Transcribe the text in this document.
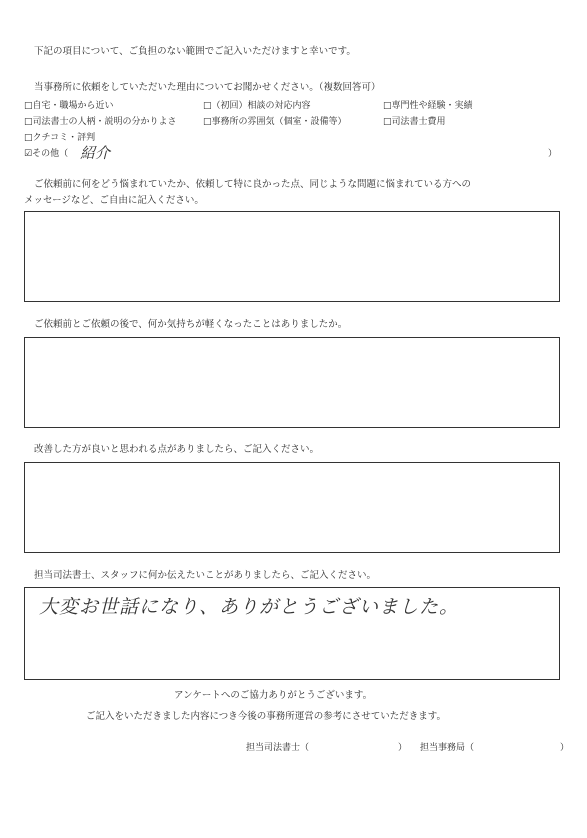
下記の項目について、ご負担のない範囲でご記入いただけますと幸いです。
当事務所に依頼をしていただいた理由についてお聞かせください。（複数回答可）
□自宅・職場から近い	□（初回）相談の対応内容	□専門性や経験・実績
□司法書士の人柄・説明の分かりよさ	□事務所の雰囲気（個室・設備等）	□司法書士費用
□クチコミ・評判
☑その他（ 紹介	）
ご依頼前に何をどう悩まれていたか、依頼して特に良かった点、同じような問題に悩まれている方への
メッセージなど、ご自由に記入ください。
ご依頼前とご依頼の後で、何か気持ちが軽くなったことはありましたか。
改善した方が良いと思われる点がありましたら、ご記入ください。
担当司法書士、スタッフに何か伝えたいことがありましたら、ご記入ください。
大変お世話になり、ありがとうございました。
アンケートへのご協力ありがとうございます。
ご記入をいただきました内容につき今後の事務所運営の参考にさせていただきます。
担当司法書士（	） 担当事務局（	）
